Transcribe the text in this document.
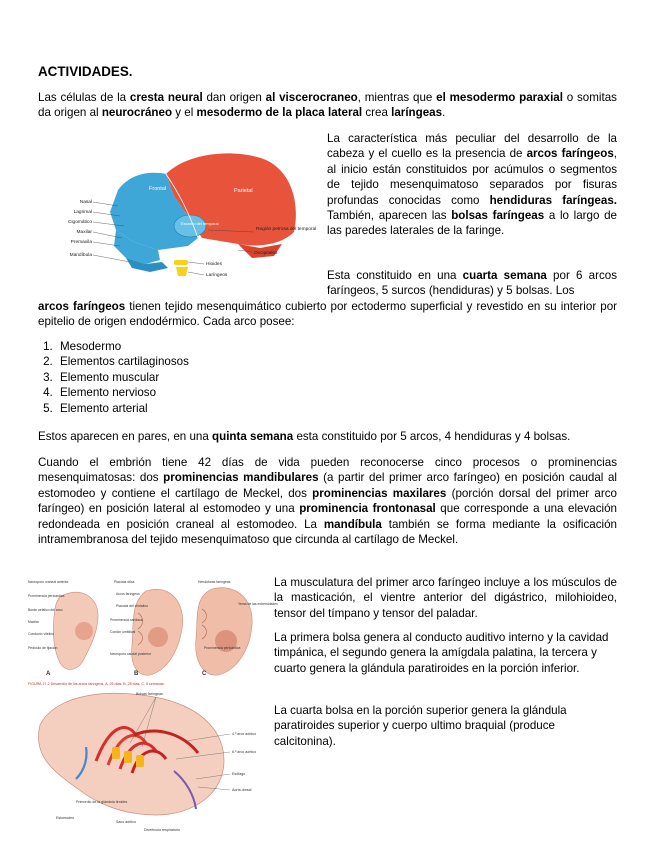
ACTIVIDADES.

Las células de la cresta neural dan origen al viscerocraneo, mientras que el mesodermo paraxial o somitas da origen al neurocráneo y el mesodermo de la placa lateral crea laríngeas.

Frontal	Parietal
Escamo del temporal
Nasal
Lagrimal
Cigomático
Maxilar
Premaxila
Mandíbula
Región petrosa del temporal
Occipitales
Hioides
Laríngeos

La característica más peculiar del desarrollo de la cabeza y el cuello es la presencia de arcos faríngeos, al inicio están constituidos por acúmulos o segmentos de tejido mesenquimatoso separados por fisuras profundas conocidas como hendiduras faríngeas. También, aparecen las bolsas faríngeas a lo largo de las paredes laterales de la faringe.

Esta constituido en una cuarta semana por 6 arcos faríngeos, 5 surcos (hendiduras) y 5 bolsas. Los

arcos faríngeos tienen tejido mesenquimático cubierto por ectodermo superficial y revestido en su interior por epitelio de origen endodérmico. Cada arco posee:

1. Mesodermo
2. Elementos cartilaginosos
3. Elemento muscular
4. Elemento nervioso
5. Elemento arterial

Estos aparecen en pares, en una quinta semana esta constituido por 5 arcos, 4 hendiduras y 4 bolsas.

Cuando el embrión tiene 42 días de vida pueden reconocerse cinco procesos o prominencias mesenquimatosas: dos prominencias mandibulares (a partir del primer arco faríngeo) en posición caudal al estomodeo y contiene el cartílago de Meckel, dos prominencias maxilares (porción dorsal del primer arco faríngeo) en posición lateral al estomodeo y una prominencia frontonasal que corresponde a una elevación redondeada en posición craneal al estomodeo. La mandíbula también se forma mediante la osificación intramembranosa del tejido mesenquimatoso que circunda al cartílago de Meckel.

Neuroporo craneal anterior
Prominencia pericárdica
Borde cefálico del arco
Maxilar
Conducto vitelino
Pedículo de fijación
Placoda ótica
Arcos faríngeos
Placoda del cristalino
Prominencia cardiaca
Cordón umbilical
Neuroporo caudal posterior
Hendiduras faríngeas
Yema de las extremidades
Prominencia pericárdica
A	B	C
FIGURA 17-2 Desarrollo de los arcos faríngeos. A, 25 días. B, 28 días. C, 5 semanas.
Bolsas faríngeas
4.º arco aórtico
6.º arco aórtico
Esófago
Aorta dorsal
Primordio de la glándula tiroides
Estomodeo
Saco aórtico
Divertículo respiratorio

La musculatura del primer arco faríngeo incluye a los músculos de la masticación, el vientre anterior del digástrico, milohioideo, tensor del tímpano y tensor del paladar.

La primera bolsa genera al conducto auditivo interno y la cavidad timpánica, el segundo genera la amígdala palatina, la tercera y cuarto genera la glándula paratiroides en la porción inferior.

La cuarta bolsa en la porción superior genera la glándula paratiroides superior y cuerpo ultimo braquial (produce calcitonina).
